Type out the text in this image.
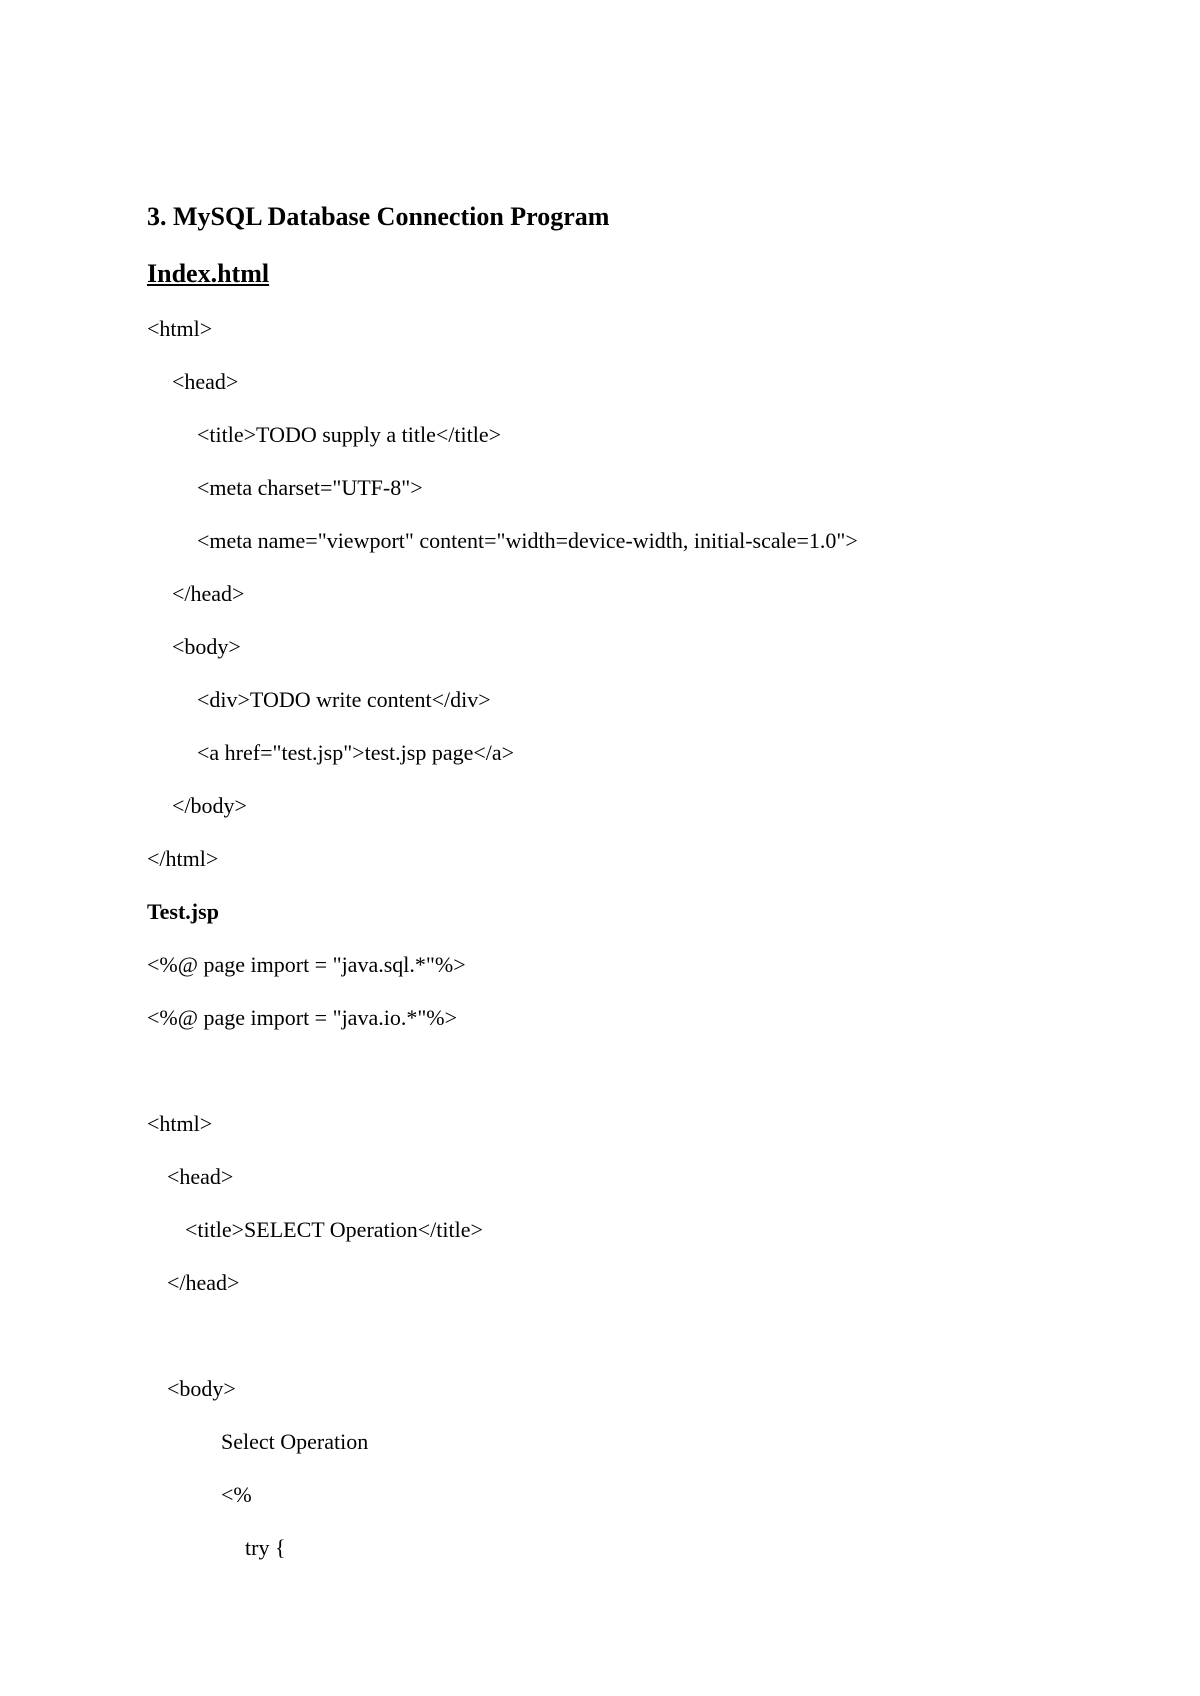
3. MySQL Database Connection Program
Index.html
<html>
<head>
<title>TODO supply a title</title>
<meta charset="UTF-8">
<meta name="viewport" content="width=device-width, initial-scale=1.0">
</head>
<body>
<div>TODO write content</div>
<a href="test.jsp">test.jsp page</a>
</body>
</html>
Test.jsp
<%@ page import = "java.sql.*"%>
<%@ page import = "java.io.*"%>
<html>
<head>
<title>SELECT Operation</title>
</head>
<body>
Select Operation
<%
try {
